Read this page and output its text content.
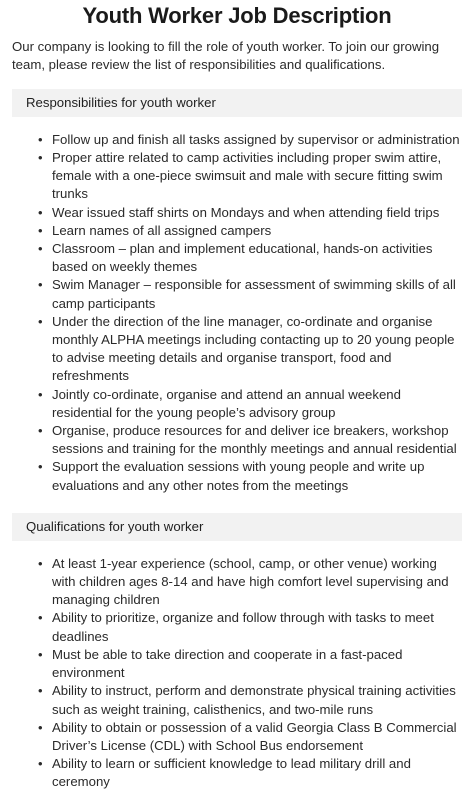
Youth Worker Job Description

Our company is looking to fill the role of youth worker. To join our growing team, please review the list of responsibilities and qualifications.

Responsibilities for youth worker
• Follow up and finish all tasks assigned by supervisor or administration
• Proper attire related to camp activities including proper swim attire, female with a one-piece swimsuit and male with secure fitting swim trunks
• Wear issued staff shirts on Mondays and when attending field trips
• Learn names of all assigned campers
• Classroom – plan and implement educational, hands-on activities based on weekly themes
• Swim Manager – responsible for assessment of swimming skills of all camp participants
• Under the direction of the line manager, co-ordinate and organise monthly ALPHA meetings including contacting up to 20 young people to advise meeting details and organise transport, food and refreshments
• Jointly co-ordinate, organise and attend an annual weekend residential for the young people’s advisory group
• Organise, produce resources for and deliver ice breakers, workshop sessions and training for the monthly meetings and annual residential
• Support the evaluation sessions with young people and write up evaluations and any other notes from the meetings
Qualifications for youth worker
• At least 1-year experience (school, camp, or other venue) working with children ages 8-14 and have high comfort level supervising and managing children
• Ability to prioritize, organize and follow through with tasks to meet deadlines
• Must be able to take direction and cooperate in a fast-paced environment
• Ability to instruct, perform and demonstrate physical training activities such as weight training, calisthenics, and two-mile runs
• Ability to obtain or possession of a valid Georgia Class B Commercial Driver’s License (CDL) with School Bus endorsement
• Ability to learn or sufficient knowledge to lead military drill and ceremony
